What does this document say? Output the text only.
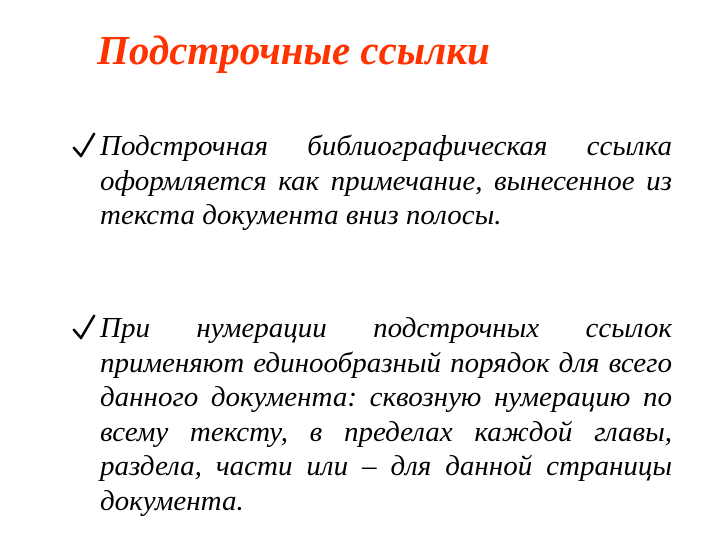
Подстрочные ссылки
Подстрочная библиографическая ссылка оформляется как примечание, вынесенное из текста документа вниз полосы.
При нумерации подстрочных ссылок применяют единообразный порядок для всего данного документа: сквозную нумерацию по всему тексту, в пределах каждой главы, раздела, части или – для данной страницы документа.
